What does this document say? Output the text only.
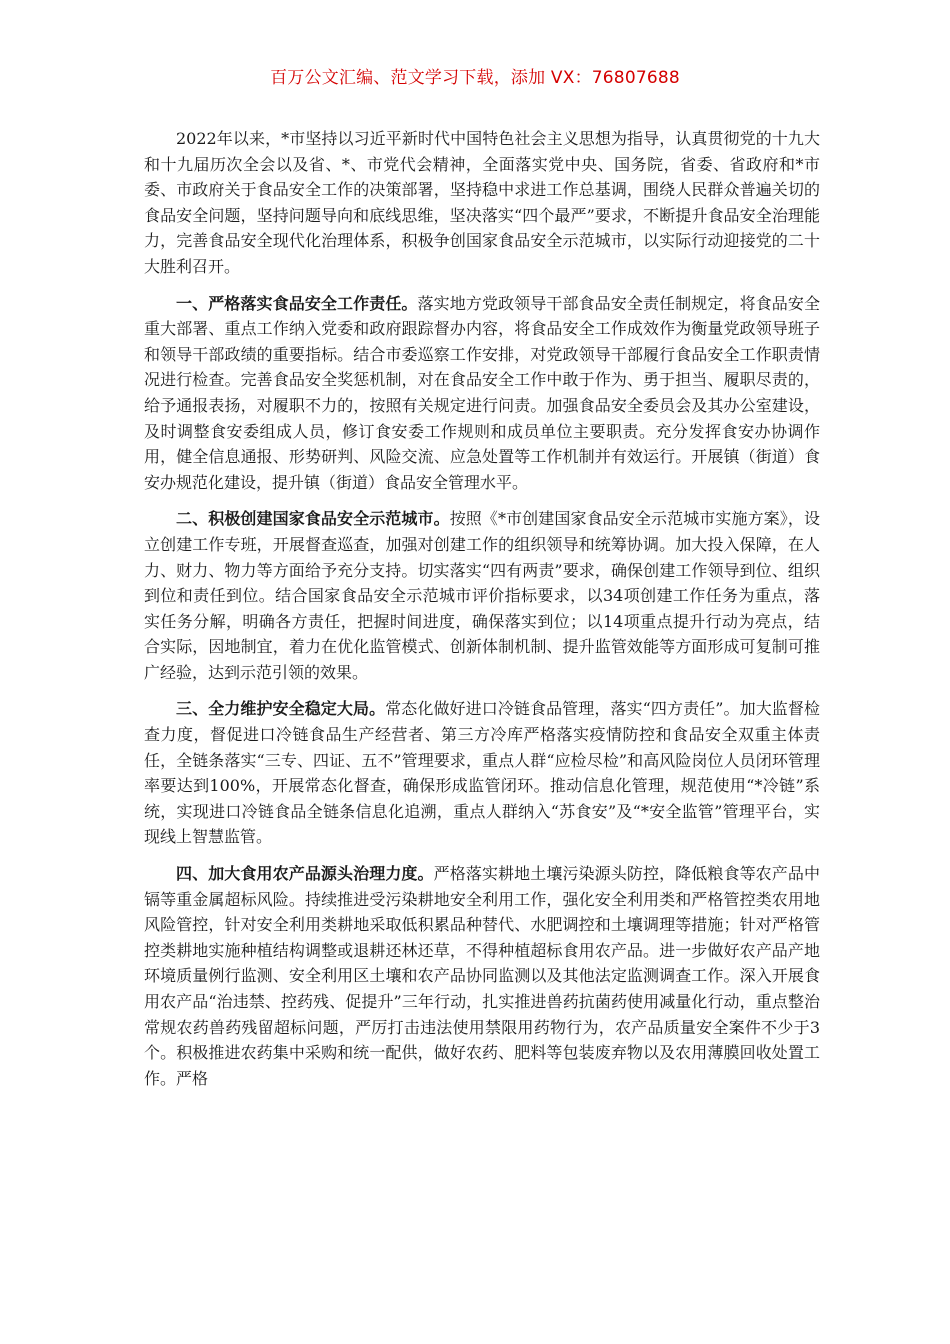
百万公文汇编、范文学习下载，添加 VX：76807688

2022年以来，*市坚持以习近平新时代中国特色社会主义思想为指导，认真贯彻党的十九大和十九届历次全会以及省、*、市党代会精神，全面落实党中央、国务院，省委、省政府和*市委、市政府关于食品安全工作的决策部署，坚持稳中求进工作总基调，围绕人民群众普遍关切的食品安全问题，坚持问题导向和底线思维，坚决落实“四个最严”要求，不断提升食品安全治理能力，完善食品安全现代化治理体系，积极争创国家食品安全示范城市，以实际行动迎接党的二十大胜利召开。

一、严格落实食品安全工作责任。落实地方党政领导干部食品安全责任制规定，将食品安全重大部署、重点工作纳入党委和政府跟踪督办内容，将食品安全工作成效作为衡量党政领导班子和领导干部政绩的重要指标。结合市委巡察工作安排，对党政领导干部履行食品安全工作职责情况进行检查。完善食品安全奖惩机制，对在食品安全工作中敢于作为、勇于担当、履职尽责的，给予通报表扬，对履职不力的，按照有关规定进行问责。加强食品安全委员会及其办公室建设，及时调整食安委组成人员，修订食安委工作规则和成员单位主要职责。充分发挥食安办协调作用，健全信息通报、形势研判、风险交流、应急处置等工作机制并有效运行。开展镇（街道）食安办规范化建设，提升镇（街道）食品安全管理水平。

二、积极创建国家食品安全示范城市。按照《*市创建国家食品安全示范城市实施方案》，设立创建工作专班，开展督查巡查，加强对创建工作的组织领导和统筹协调。加大投入保障，在人力、财力、物力等方面给予充分支持。切实落实“四有两责”要求，确保创建工作领导到位、组织到位和责任到位。结合国家食品安全示范城市评价指标要求，以34项创建工作任务为重点，落实任务分解，明确各方责任，把握时间进度，确保落实到位；以14项重点提升行动为亮点，结合实际，因地制宜，着力在优化监管模式、创新体制机制、提升监管效能等方面形成可复制可推广经验，达到示范引领的效果。

三、全力维护安全稳定大局。常态化做好进口冷链食品管理，落实“四方责任”。加大监督检查力度，督促进口冷链食品生产经营者、第三方冷库严格落实疫情防控和食品安全双重主体责任，全链条落实“三专、四证、五不”管理要求，重点人群“应检尽检”和高风险岗位人员闭环管理率要达到100%，开展常态化督查，确保形成监管闭环。推动信息化管理，规范使用“*冷链”系统，实现进口冷链食品全链条信息化追溯，重点人群纳入“苏食安”及“*安全监管”管理平台，实现线上智慧监管。

四、加大食用农产品源头治理力度。严格落实耕地土壤污染源头防控，降低粮食等农产品中镉等重金属超标风险。持续推进受污染耕地安全利用工作，强化安全利用类和严格管控类农用地风险管控，针对安全利用类耕地采取低积累品种替代、水肥调控和土壤调理等措施；针对严格管控类耕地实施种植结构调整或退耕还林还草，不得种植超标食用农产品。进一步做好农产品产地环境质量例行监测、安全利用区土壤和农产品协同监测以及其他法定监测调查工作。深入开展食用农产品“治违禁、控药残、促提升”三年行动，扎实推进兽药抗菌药使用减量化行动，重点整治常规农药兽药残留超标问题，严厉打击违法使用禁限用药物行为，农产品质量安全案件不少于3个。积极推进农药集中采购和统一配供，做好农药、肥料等包装废弃物以及农用薄膜回收处置工作。严格
